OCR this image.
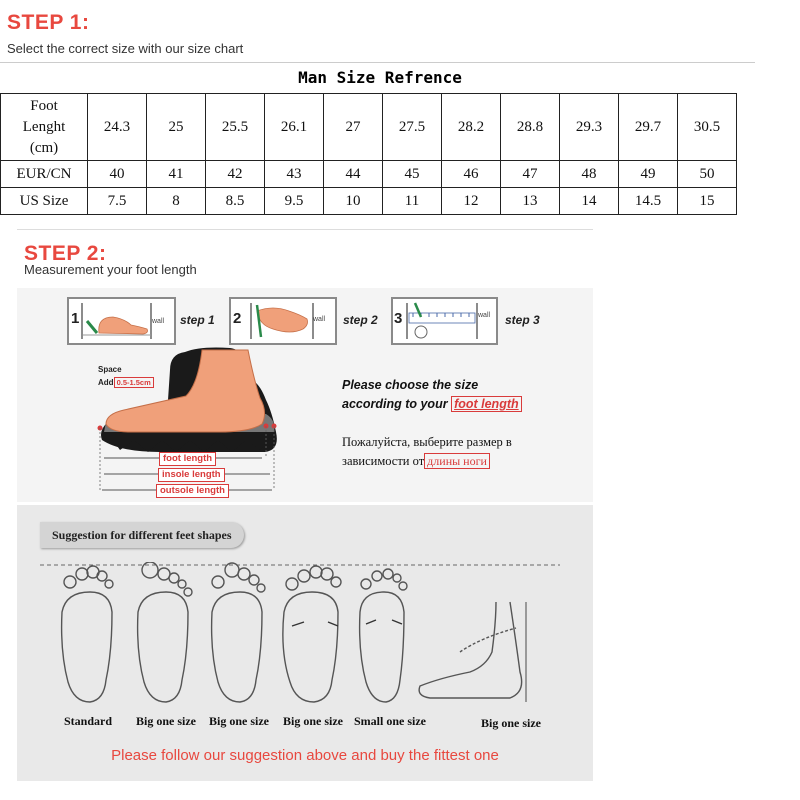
STEP 1:
Select the correct size with our size chart
Man Size Refrence
Foot
Lenght
(cm)	24.3	25	25.5	26.1	27	27.5	28.2	28.8	29.3	29.7	30.5
EUR/CN	40	41	42	43	44	45	46	47	48	49	50
US Size	7.5	8	8.5	9.5	10	11	12	13	14	14.5	15
STEP 2:
Measurement your foot length
1	wall step 1 2	wall step 2 3	wall step 3
Space
Add 0.5-1.5cm
foot length
insole length
outsole length
Please choose the size
according to your foot length
Пожалуйста, выберите размер в
зависимости от длины ноги
Suggestion for different feet shapes
Standard Big one size Big one size Big one size Small one size	Big one size
Please follow our suggestion above and buy the fittest one
